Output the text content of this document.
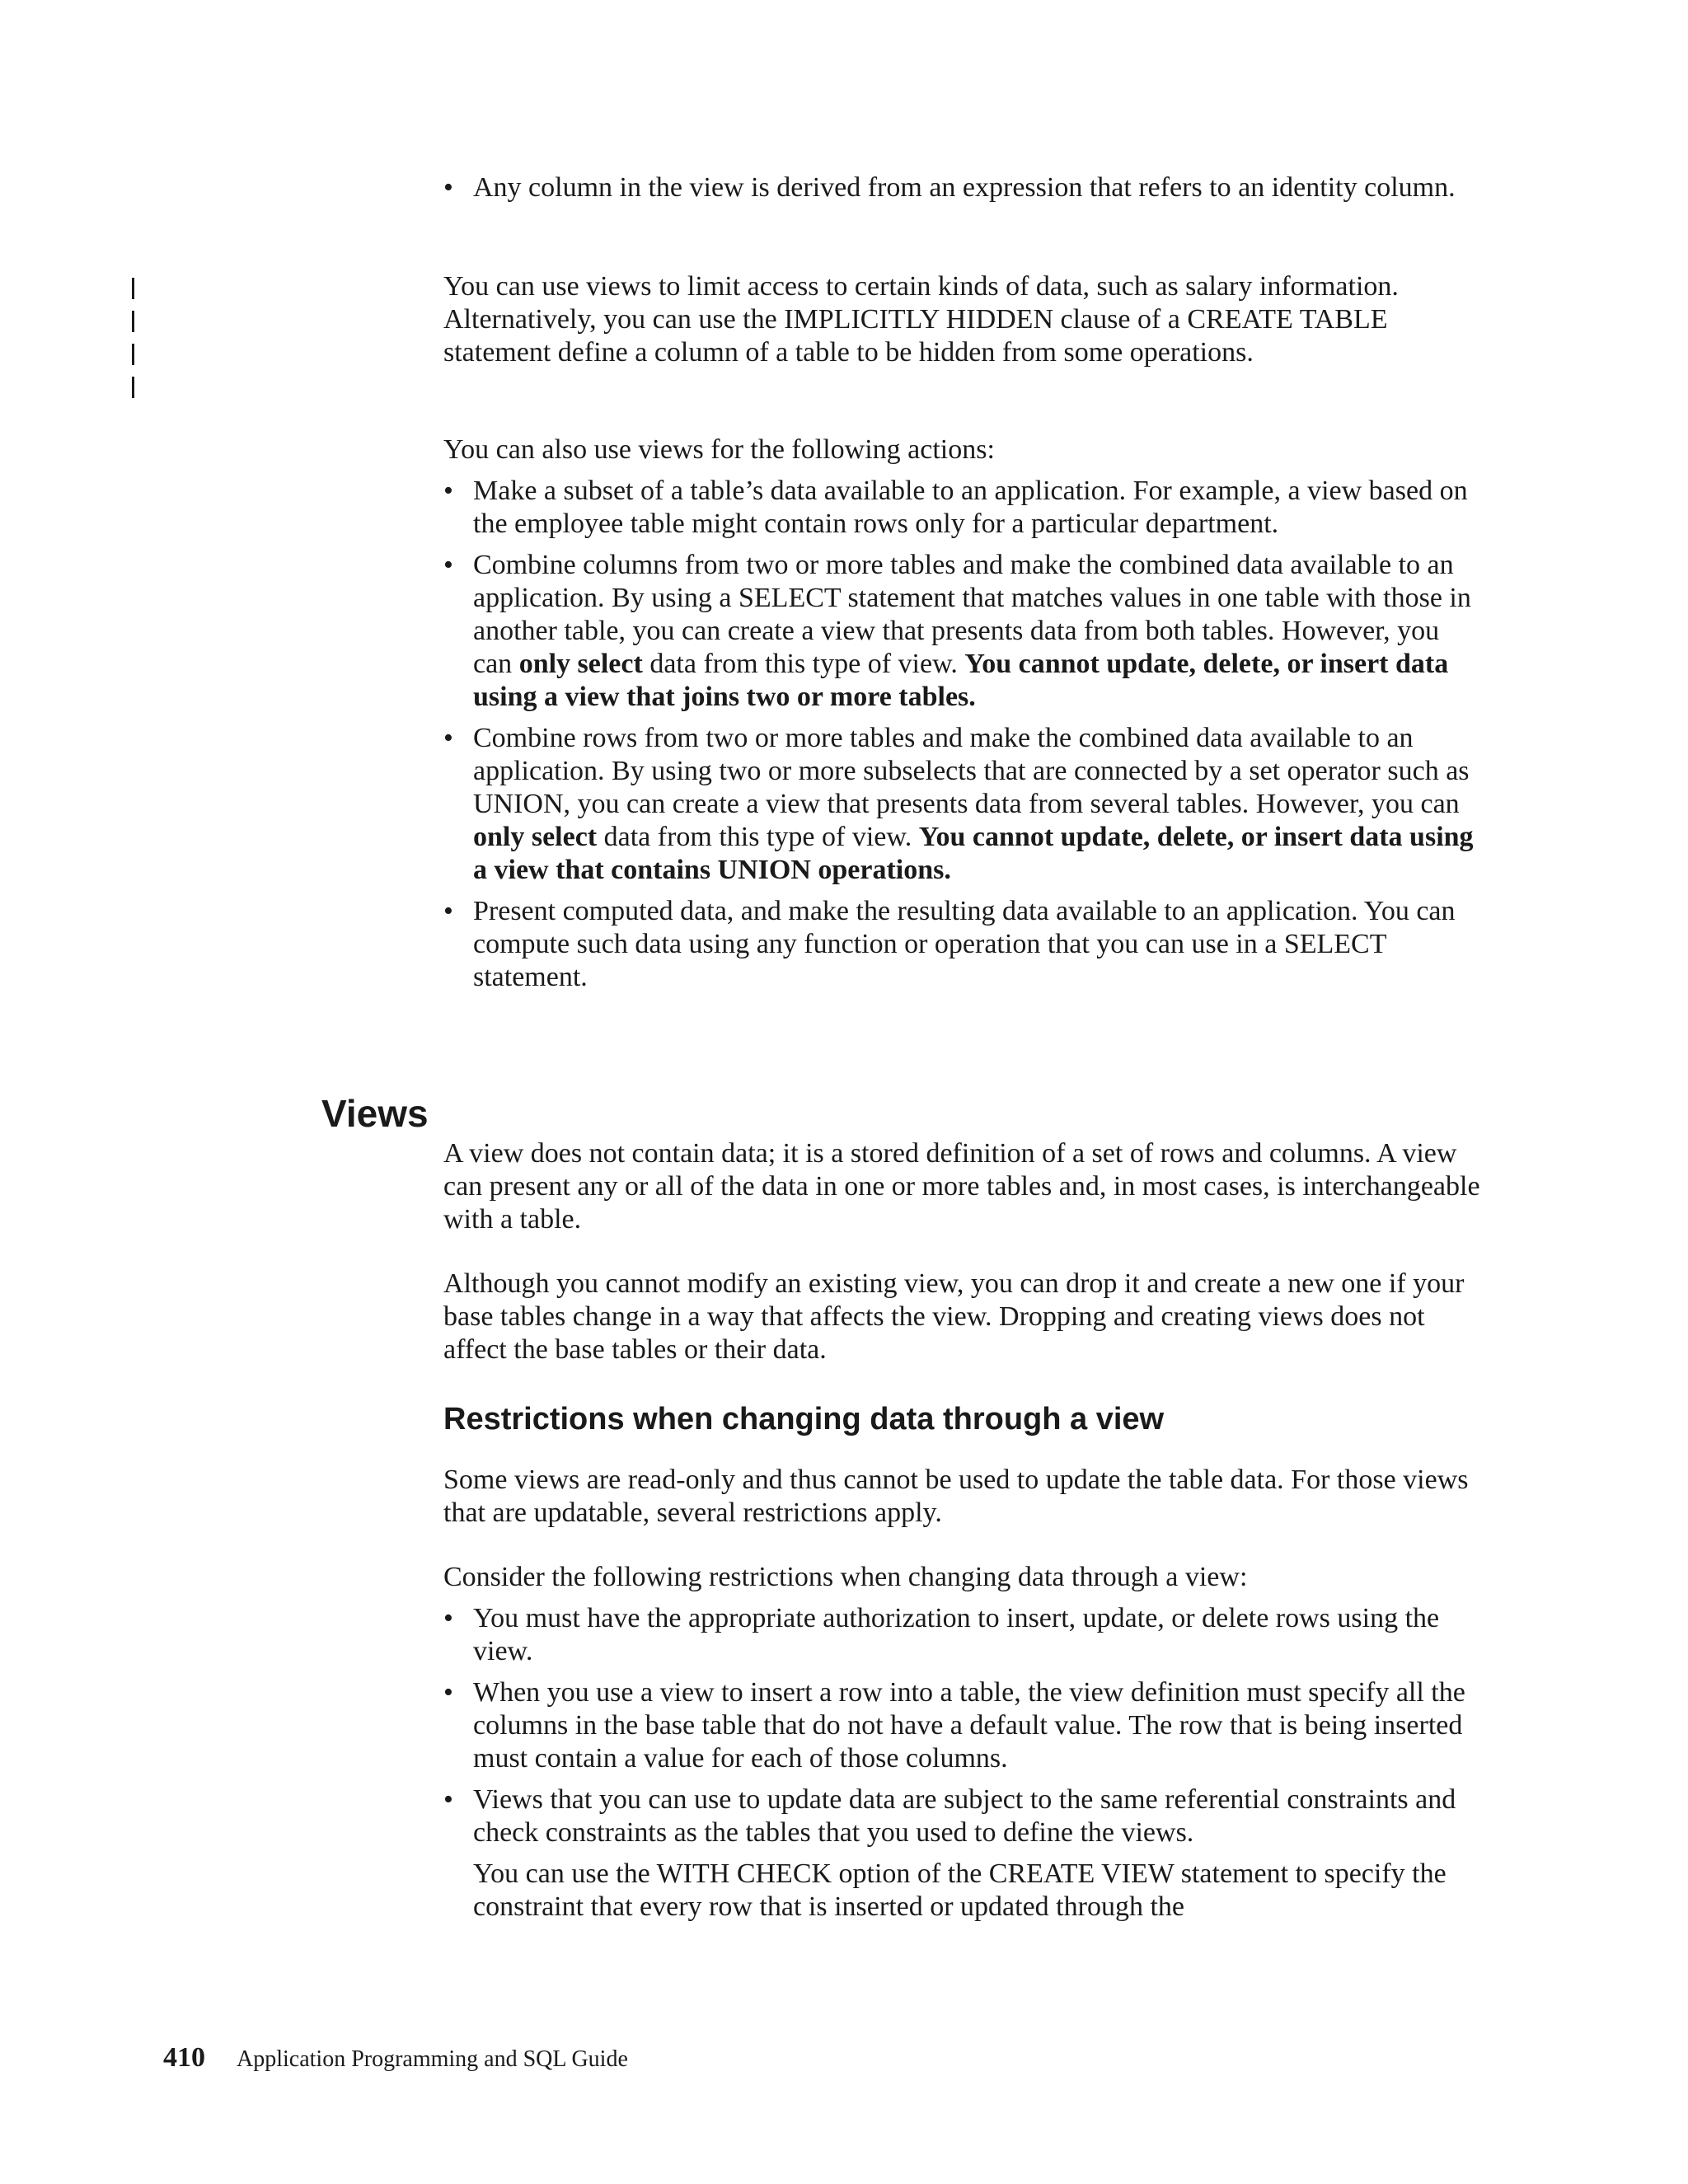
• Any column in the view is derived from an expression that refers to an identity column.

You can use views to limit access to certain kinds of data, such as salary information. Alternatively, you can use the IMPLICITLY HIDDEN clause of a CREATE TABLE statement define a column of a table to be hidden from some operations.

You can also use views for the following actions:

• Make a subset of a table’s data available to an application. For example, a view based on the employee table might contain rows only for a particular department.

• Combine columns from two or more tables and make the combined data available to an application. By using a SELECT statement that matches values in one table with those in another table, you can create a view that presents data from both tables. However, you can only select data from this type of view. You cannot update, delete, or insert data using a view that joins two or more tables.

• Combine rows from two or more tables and make the combined data available to an application. By using two or more subselects that are connected by a set operator such as UNION, you can create a view that presents data from several tables. However, you can only select data from this type of view. You cannot update, delete, or insert data using a view that contains UNION operations.

• Present computed data, and make the resulting data available to an application. You can compute such data using any function or operation that you can use in a SELECT statement.

Views

A view does not contain data; it is a stored definition of a set of rows and columns. A view can present any or all of the data in one or more tables and, in most cases, is interchangeable with a table.

Although you cannot modify an existing view, you can drop it and create a new one if your base tables change in a way that affects the view. Dropping and creating views does not affect the base tables or their data.

Restrictions when changing data through a view

Some views are read-only and thus cannot be used to update the table data. For those views that are updatable, several restrictions apply.

Consider the following restrictions when changing data through a view:

• You must have the appropriate authorization to insert, update, or delete rows using the view.

• When you use a view to insert a row into a table, the view definition must specify all the columns in the base table that do not have a default value. The row that is being inserted must contain a value for each of those columns.

• Views that you can use to update data are subject to the same referential constraints and check constraints as the tables that you used to define the views.

You can use the WITH CHECK option of the CREATE VIEW statement to specify the constraint that every row that is inserted or updated through the

410 Application Programming and SQL Guide
